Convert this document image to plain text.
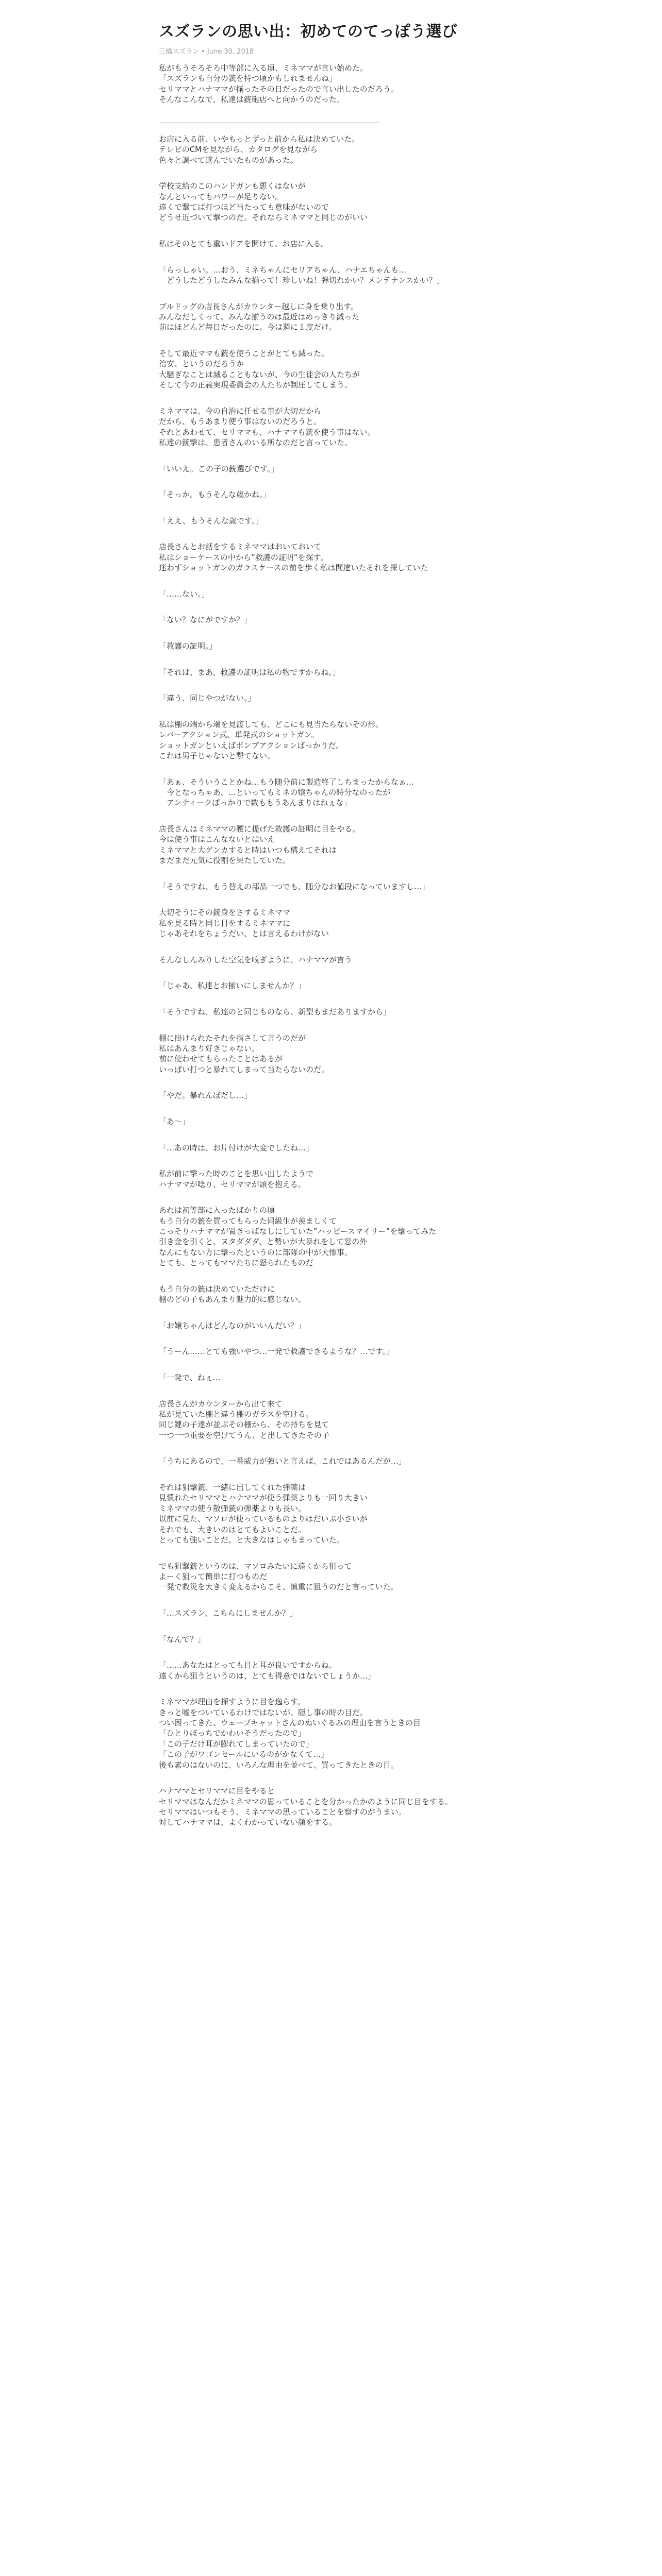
スズランの思い出：初めてのてっぽう選び
三橋スズラン • June 30, 2018
私がもうそろそろ中等部に入る頃、ミネママが言い始めた。
「スズランも自分の銃を持つ頃かもしれませんね」
セリママとハナママが揃ったその日だったので言い出したのだろう。
そんなこんなで、私達は銃砲店へと向かうのだった。
お店に入る前、いやもっとずっと前から私は決めていた。
テレビのCMを見ながら、カタログを見ながら
色々と調べて選んでいたものがあった。
学校支給のこのハンドガンも悪くはないが
なんといってもパワーが足りない。
遠くで撃てば打つほど当たっても意味がないので
どうせ近づいて撃つのだ。それならミネママと同じのがいい
私はそのとても重いドアを開けて、お店に入る。
「らっしゃい。…おう、ミネちゃんにセリアちゃん、ハナエちゃんも…
　どうしたどうしたみんな揃って！珍しいね！弾切れかい？メンテナンスかい？」
ブルドッグの店長さんがカウンター越しに身を乗り出す。
みんなだしくって、みんな揃うのは最近はめっきり減った
前はほどんど毎日だったのに。今は週に１度だけ。
そして最近ママも銃を使うことがとても減った。
治安、というのだろうか
大騒ぎなことは滅ることもないが、今の生徒会の人たちが
そして今の正義実現委員会の人たちが制圧してしまう。
ミネママは、今の自治に任せる事が大切だから
だから、もうあまり使う事はないのだろうと。
それとあわせて、セリママも、ハナママも銃を使う事はない。
私達の銃撃は、患者さんのいる所なのだと言っていた。
「いいえ。この子の銃選びです。」
「そっか。もうそんな歳かね。」
「ええ、もうそんな歳です。」
店長さんとお話をするミネママはおいておいて
私はショーケースの中から”救護の証明”を探す。
迷わずショットガンのガラスケースの前を歩く私は間違いたそれを探していた
「……ない。」
「ない？なにがですか？」
「救護の証明。」
「それは、まあ、救護の証明は私の物ですからね。」
「違う、同じやつがない。」
私は棚の端から端を見渡しても、どこにも見当たらないその形。
レバーアクション式、単発式のショットガン。
ショットガンといえばポンプアクションばっかりだ。
これは男子じゃないと撃てない。
「あぁ、そういうことかね…もう随分前に製造終了しちまったからなぁ…
　今となっちゃあ、…といってもミネの嬢ちゃんの時分なのったが
　アンティークぽっかりで数ももうあんまりはねぇな」
店長さんはミネママの腰に提げた救護の証明に目をやる。
今は使う事はこんなないとはいえ
ミネママと大ゲンカすると時はいつも構えてそれは
まだまだ元気に役割を果たしていた。
「そうですね、もう替えの部品一つでも、随分なお値段になっていますし…」
大切そうにその銃身をさするミネママ
私を見る時と同じ目をするミネママに
じゃあそれをちょうだい、とは言えるわけがない
そんなしんみりした空気を嗅ぎように、ハナママが言う
「じゃあ、私達とお揃いにしませんか？」
「そうですね、私達のと同じものなら、新型もまだありますから」
棚に掛けられたそれを指さして言うのだが
私はあんまり好きじゃない。
前に使わせてもらったことはあるが
いっぱい打つと暴れてしまって当たらないのだ。
「やだ。暴れんぼだし…」
「あ～」
「…あの時は、お片付けが大変でしたね…」
私が前に撃った時のことを思い出したようで
ハナママが唸り、セリママが頭を抱える。
あれは初等部に入ったばかりの頃
もう自分の銃を買ってもらった同級生が羨ましくて
こっそりハナママが置きっぱなしにしていた”ハッピースマイリー”を撃ってみた
引き金を引くと、ヌタダダダ、と勢いが大暴れをして窓の外
なんにもない方に撃ったというのに部隊の中が大惨事。
とても、とってもママたちに怒られたものだ
もう自分の銃は決めていただけに
棚のどの子もあんまり魅力的に感じない。
「お嬢ちゃんはどんなのがいいんだい？」
「うーん……とても強いやつ…一発で救護できるような？…です。」
「一発で、ねぇ…」
店長さんがカウンターから出て来て
私が見ていた棚と違う棚のガラスを空ける。
同じ鍵の子達が並ぶその棚から、その持ちを見て
一つ一つ重要を空けてうん、と出してきたその子
「うちにあるので、一番威力が強いと言えば、これではあるんだが…」
それは狙撃銃、一緒に出してくれた弾薬は
見慣れたセリママとハナママが使う弾薬よりも一回り大きい
ミネママの使う散弾銃の弾薬よりも長い。
以前に見た、マソロが使っているものよりはだいぶ小さいが
それでも、大きいのはとてもよいことだ。
とっても強いことだ。と大きなはしゃもまっていた。
でも狙撃銃というのは、マソロみたいに遠くから狙って
よーく狙って簡単に打つものだ
一発で救災を大きく変えるからこそ、慎重に狙うのだと言っていた。
「…スズラン、こちらにしませんか？」
「なんで？」
「……あなたはとっても目と耳が良いですからね。
遠くから狙うというのは、とても得意ではないでしょうか…」
ミネママが理由を探すように目を逸らす。
きっと嘘をついているわけではないが、隠し事の時の目だ。
つい困ってきた、ウェーブキャットさんのぬいぐるみの理由を言うときの目
「ひとりぼっちでかわいそうだったので」
「この子だけ耳が膨れてしまっていたので」
「この子がワゴンセールにいるのがかなくて…」
後も素のはないのに、いろんな理由を並べて、買ってきたときの目。
ハナママとセリママに目をやると
セリママはなんだかミネママの思っていることを分かったかのように同じ目をする。
セリママはいつもそう、ミネママの思っていることを察すのがうまい。
対してハナママは、よくわかっていない顔をする。
